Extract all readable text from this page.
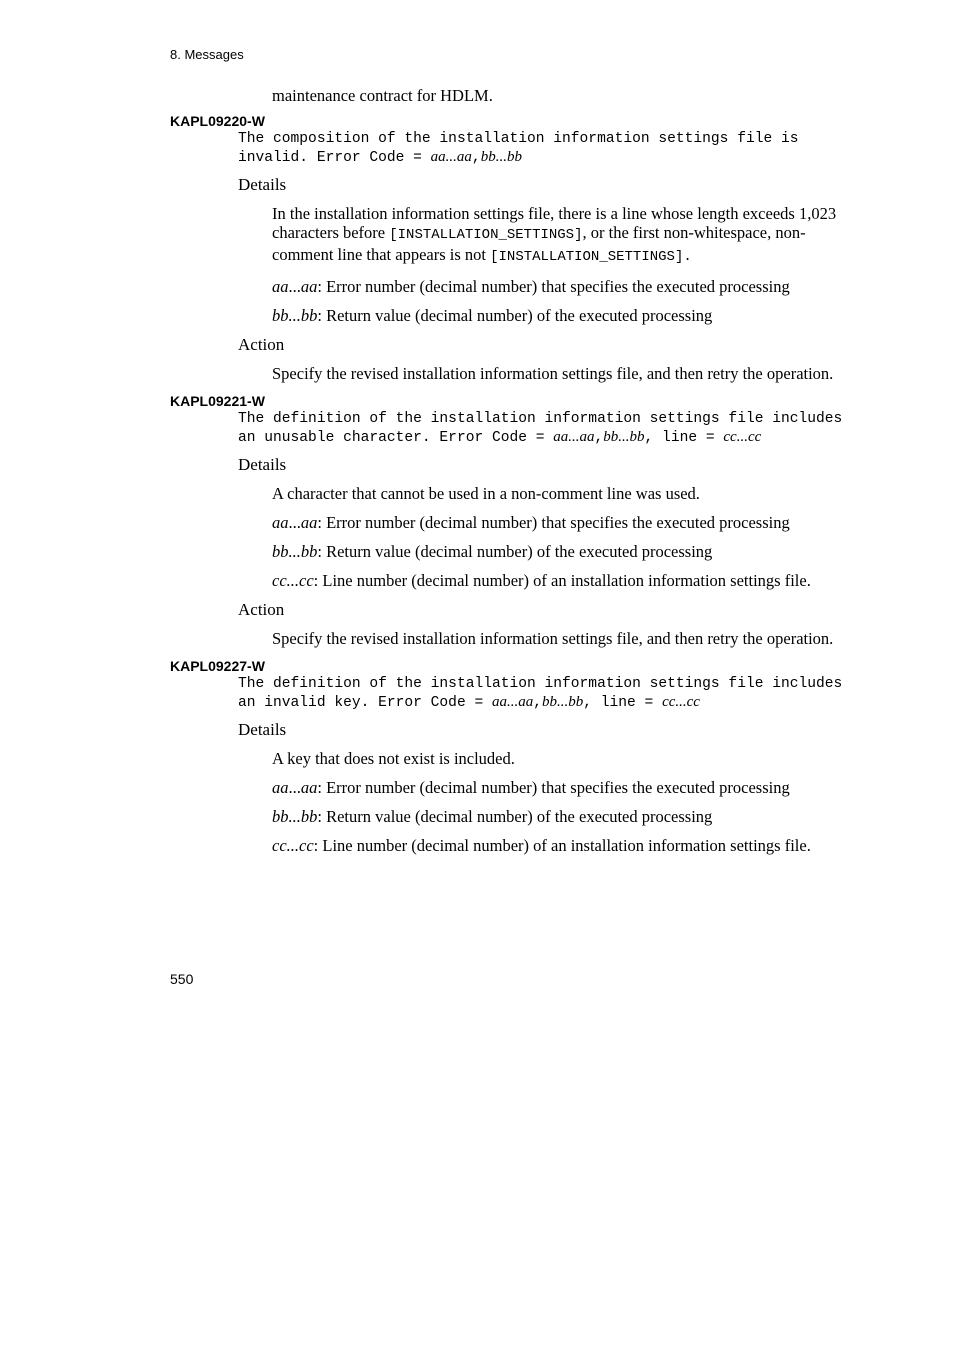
8. Messages

maintenance contract for HDLM.

KAPL09220-W

The composition of the installation information settings file is invalid. Error Code = aa...aa,bb...bb

Details

In the installation information settings file, there is a line whose length exceeds 1,023 characters before [INSTALLATION_SETTINGS], or the first non-whitespace, non-comment line that appears is not [INSTALLATION_SETTINGS].

aa...aa: Error number (decimal number) that specifies the executed processing

bb...bb: Return value (decimal number) of the executed processing

Action

Specify the revised installation information settings file, and then retry the operation.

KAPL09221-W

The definition of the installation information settings file includes an unusable character. Error Code = aa...aa,bb...bb, line = cc...cc

Details

A character that cannot be used in a non-comment line was used.

aa...aa: Error number (decimal number) that specifies the executed processing

bb...bb: Return value (decimal number) of the executed processing

cc...cc: Line number (decimal number) of an installation information settings file.

Action

Specify the revised installation information settings file, and then retry the operation.

KAPL09227-W

The definition of the installation information settings file includes an invalid key. Error Code = aa...aa,bb...bb, line = cc...cc

Details

A key that does not exist is included.

aa...aa: Error number (decimal number) that specifies the executed processing

bb...bb: Return value (decimal number) of the executed processing

cc...cc: Line number (decimal number) of an installation information settings file.

550
